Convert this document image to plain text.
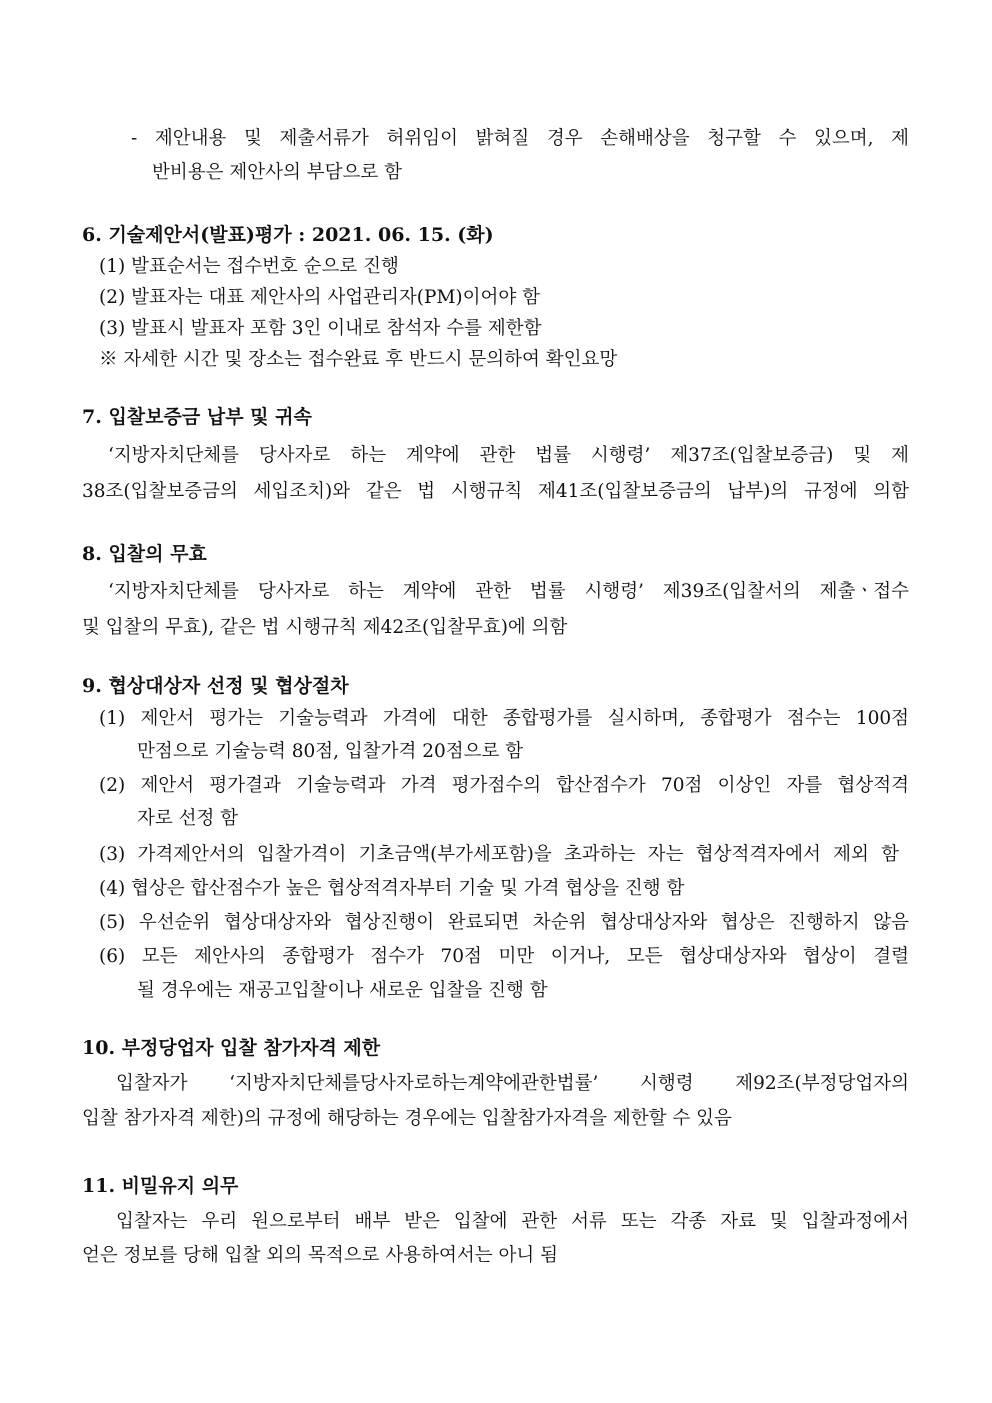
- 제안내용 및 제출서류가 허위임이 밝혀질 경우 손해배상을 청구할 수 있으며, 제
반비용은 제안사의 부담으로 함
6. 기술제안서(발표)평가 : 2021. 06. 15. (화)
(1) 발표순서는 접수번호 순으로 진행
(2) 발표자는 대표 제안사의 사업관리자(PM)이어야 함
(3) 발표시 발표자 포함 3인 이내로 참석자 수를 제한함
※ 자세한 시간 및 장소는 접수완료 후 반드시 문의하여 확인요망
7. 입찰보증금 납부 및 귀속
‘지방자치단체를 당사자로 하는 계약에 관한 법률 시행령’ 제37조(입찰보증금) 및 제
38조(입찰보증금의 세입조치)와 같은 법 시행규칙 제41조(입찰보증금의 납부)의 규정에 의함
8. 입찰의 무효
‘지방자치단체를 당사자로 하는 계약에 관한 법률 시행령’ 제39조(입찰서의 제출ㆍ접수
및 입찰의 무효), 같은 법 시행규칙 제42조(입찰무효)에 의함
9. 협상대상자 선정 및 협상절차
(1) 제안서 평가는 기술능력과 가격에 대한 종합평가를 실시하며, 종합평가 점수는 100점
만점으로 기술능력 80점, 입찰가격 20점으로 함
(2) 제안서 평가결과 기술능력과 가격 평가점수의 합산점수가 70점 이상인 자를 협상적격
자로 선정 함
(3) 가격제안서의 입찰가격이 기초금액(부가세포함)을 초과하는 자는 협상적격자에서 제외 함
(4) 협상은 합산점수가 높은 협상적격자부터 기술 및 가격 협상을 진행 함
(5) 우선순위 협상대상자와 협상진행이 완료되면 차순위 협상대상자와 협상은 진행하지 않음
(6) 모든 제안사의 종합평가 점수가 70점 미만 이거나, 모든 협상대상자와 협상이 결렬
될 경우에는 재공고입찰이나 새로운 입찰을 진행 함
10. 부정당업자 입찰 참가자격 제한
입찰자가 ‘지방자치단체를당사자로하는계약에관한법률’ 시행령 제92조(부정당업자의
입찰 참가자격 제한)의 규정에 해당하는 경우에는 입찰참가자격을 제한할 수 있음
11. 비밀유지 의무
입찰자는 우리 원으로부터 배부 받은 입찰에 관한 서류 또는 각종 자료 및 입찰과정에서
얻은 정보를 당해 입찰 외의 목적으로 사용하여서는 아니 됨
